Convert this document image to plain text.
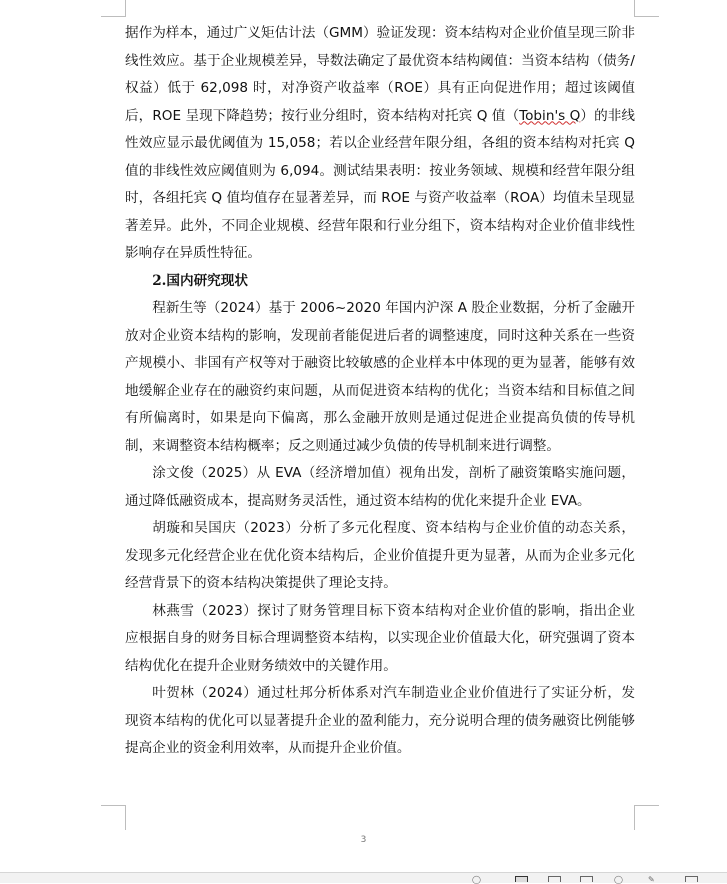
据作为样本，通过广义矩估计法（GMM）验证发现：资本结构对企业价值呈现三阶非线性效应。基于企业规模差异，导数法确定了最优资本结构阈值：当资本结构（债务/权益）低于 62,098 时，对净资产收益率（ROE）具有正向促进作用；超过该阈值后，ROE 呈现下降趋势；按行业分组时，资本结构对托宾 Q 值（Tobin's Q）的非线性效应显示最优阈值为 15,058；若以企业经营年限分组，各组的资本结构对托宾 Q 值的非线性效应阈值则为 6,094。测试结果表明：按业务领域、规模和经营年限分组时，各组托宾 Q 值均值存在显著差异，而 ROE 与资产收益率（ROA）均值未呈现显著差异。此外，不同企业规模、经营年限和行业分组下，资本结构对企业价值非线性影响存在异质性特征。

2.国内研究现状

程新生等（2024）基于 2006~2020 年国内沪深 A 股企业数据，分析了金融开放对企业资本结构的影响，发现前者能促进后者的调整速度，同时这种关系在一些资产规模小、非国有产权等对于融资比较敏感的企业样本中体现的更为显著，能够有效地缓解企业存在的融资约束问题，从而促进资本结构的优化；当资本结和目标值之间有所偏离时，如果是向下偏离，那么金融开放则是通过促进企业提高负债的传导机制，来调整资本结构概率；反之则通过减少负债的传导机制来进行调整。

涂文俊（2025）从 EVA（经济增加值）视角出发，剖析了融资策略实施问题，通过降低融资成本，提高财务灵活性，通过资本结构的优化来提升企业 EVA。

胡璇和吴国庆（2023）分析了多元化程度、资本结构与企业价值的动态关系，发现多元化经营企业在优化资本结构后，企业价值提升更为显著，从而为企业多元化经营背景下的资本结构决策提供了理论支持。

林燕雪（2023）探讨了财务管理目标下资本结构对企业价值的影响，指出企业应根据自身的财务目标合理调整资本结构，以实现企业价值最大化，研究强调了资本结构优化在提升企业财务绩效中的关键作用。

叶贺林（2024）通过杜邦分析体系对汽车制造业企业价值进行了实证分析，发现资本结构的优化可以显著提升企业的盈利能力，充分说明合理的债务融资比例能够提高企业的资金利用效率，从而提升企业价值。

3
◯	◯	✎
